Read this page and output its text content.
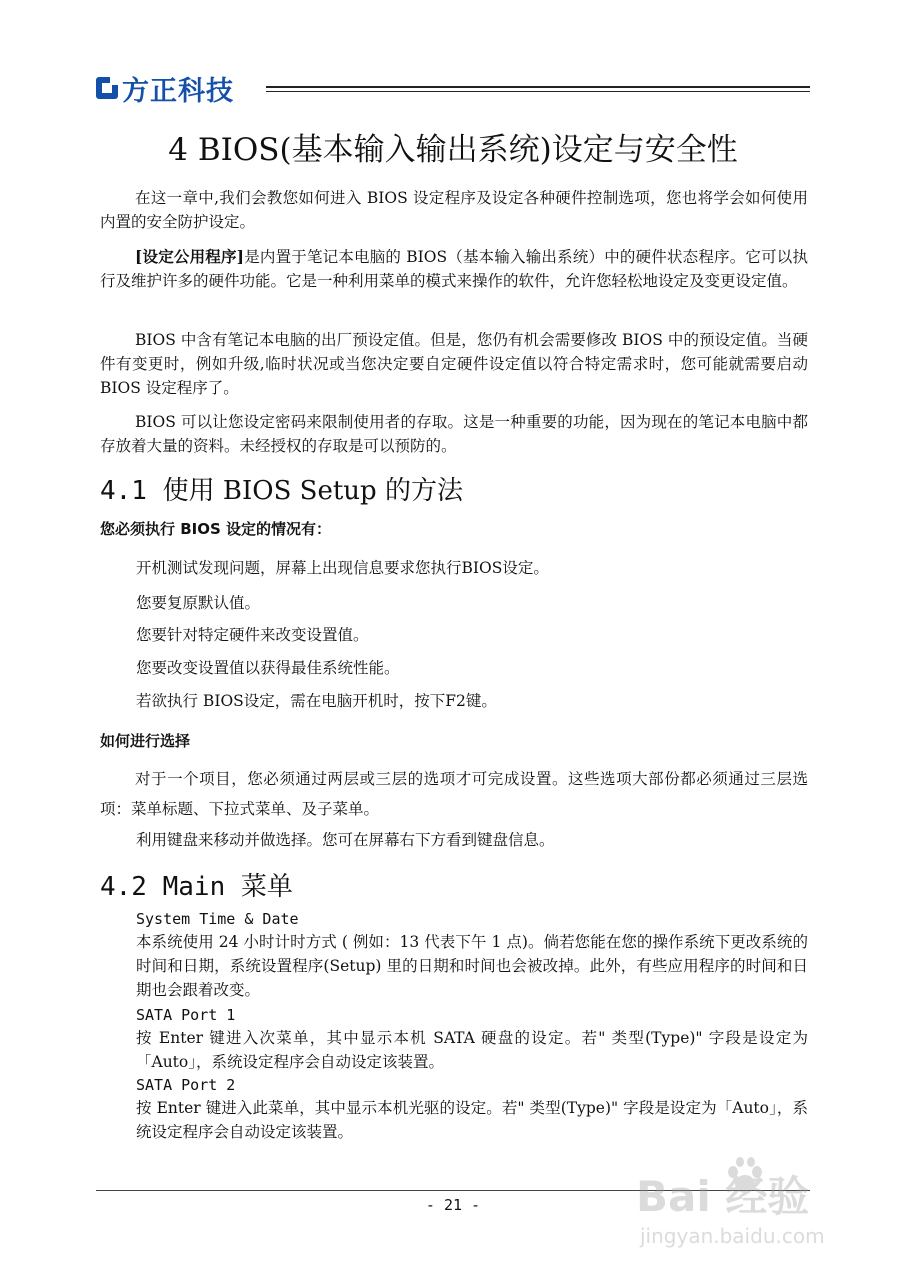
方正科技
4 BIOS(基本输入输出系统)设定与安全性

在这一章中,我们会教您如何进入 BIOS 设定程序及设定各种硬件控制选项，您也将学会如何使用内置的安全防护设定。

[设定公用程序]是内置于笔记本电脑的 BIOS（基本输入输出系统）中的硬件状态程序。它可以执行及维护许多的硬件功能。它是一种利用菜单的模式来操作的软件，允许您轻松地设定及变更设定值。

BIOS 中含有笔记本电脑的出厂预设定值。但是，您仍有机会需要修改 BIOS 中的预设定值。当硬件有变更时，例如升级,临时状况或当您决定要自定硬件设定值以符合特定需求时，您可能就需要启动 BIOS 设定程序了。

BIOS 可以让您设定密码来限制使用者的存取。这是一种重要的功能，因为现在的笔记本电脑中都存放着大量的资料。未经授权的存取是可以预防的。

4.1 使用 BIOS Setup 的方法

您必须执行 BIOS 设定的情况有：

开机测试发现问题，屏幕上出现信息要求您执行BIOS设定。

您要复原默认值。

您要针对特定硬件来改变设置值。

您要改变设置值以获得最佳系统性能。

若欲执行 BIOS设定，需在电脑开机时，按下F2键。

如何进行选择

对于一个项目，您必须通过两层或三层的选项才可完成设置。这些选项大部份都必须通过三层选项：菜单标题、下拉式菜单、及子菜单。

利用键盘来移动并做选择。您可在屏幕右下方看到键盘信息。

4.2 Main 菜单

System Time & Date

本系统使用 24 小时计时方式 ( 例如：13 代表下午 1 点)。倘若您能在您的操作系统下更改系统的时间和日期，系统设置程序(Setup) 里的日期和时间也会被改掉。此外，有些应用程序的时间和日期也会跟着改变。

SATA Port 1

按 Enter 键进入次菜单，其中显示本机 SATA 硬盘的设定。若" 类型(Type)" 字段是设定为「Auto」，系统设定程序会自动设定该装置。

SATA Port 2

按 Enter 键进入此菜单，其中显示本机光驱的设定。若" 类型(Type)" 字段是设定为「Auto」，系统设定程序会自动设定该装置。

- 21 -	Bai 经验
jingyan.baidu.com
